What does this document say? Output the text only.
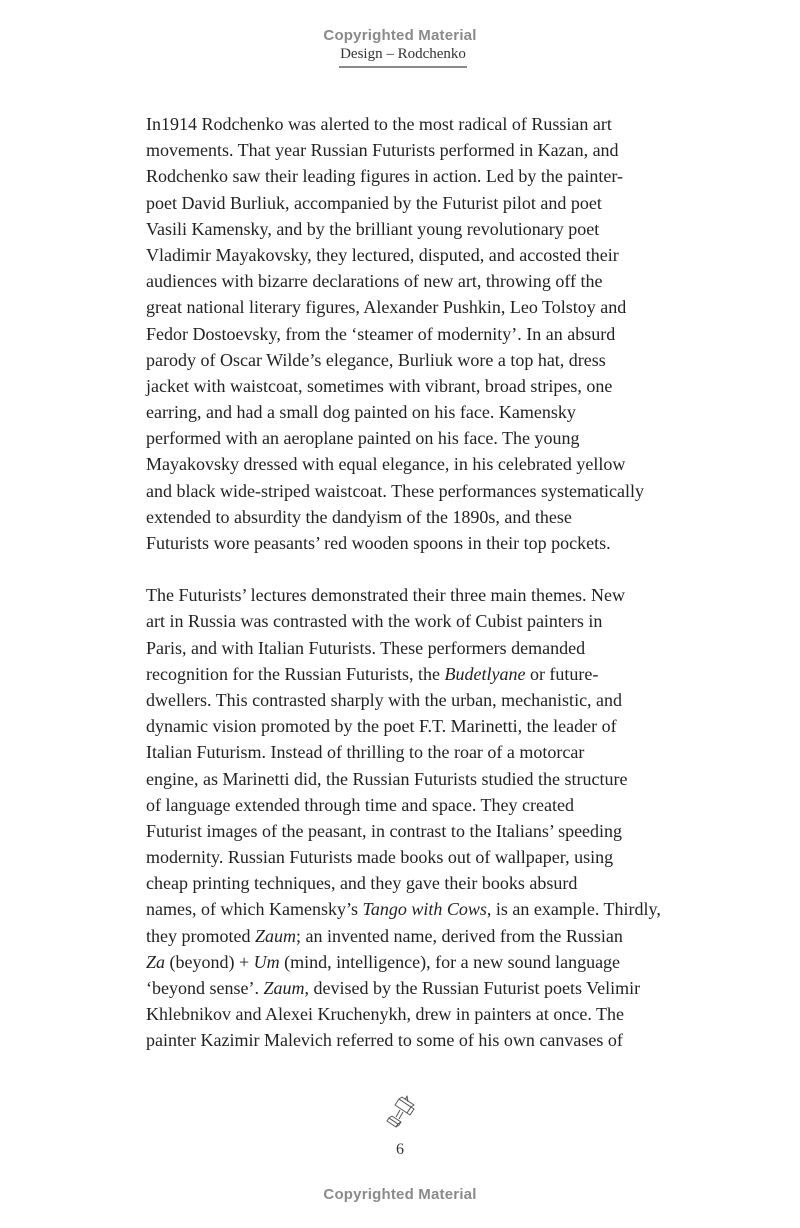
Copyrighted Material
Design – Rodchenko
In1914 Rodchenko was alerted to the most radical of Russian art
movements. That year Russian Futurists performed in Kazan, and
Rodchenko saw their leading figures in action. Led by the painter-
poet David Burliuk, accompanied by the Futurist pilot and poet
Vasili Kamensky, and by the brilliant young revolutionary poet
Vladimir Mayakovsky, they lectured, disputed, and accosted their
audiences with bizarre declarations of new art, throwing off the
great national literary figures, Alexander Pushkin, Leo Tolstoy and
Fedor Dostoevsky, from the ‘steamer of modernity’. In an absurd
parody of Oscar Wilde’s elegance, Burliuk wore a top hat, dress
jacket with waistcoat, sometimes with vibrant, broad stripes, one
earring, and had a small dog painted on his face. Kamensky
performed with an aeroplane painted on his face. The young
Mayakovsky dressed with equal elegance, in his celebrated yellow
and black wide-striped waistcoat. These performances systematically
extended to absurdity the dandyism of the 1890s, and these
Futurists wore peasants’ red wooden spoons in their top pockets.
The Futurists’ lectures demonstrated their three main themes. New
art in Russia was contrasted with the work of Cubist painters in
Paris, and with Italian Futurists. These performers demanded
recognition for the Russian Futurists, the Budetlyane or future-
dwellers. This contrasted sharply with the urban, mechanistic, and
dynamic vision promoted by the poet F.T. Marinetti, the leader of
Italian Futurism. Instead of thrilling to the roar of a motorcar
engine, as Marinetti did, the Russian Futurists studied the structure
of language extended through time and space. They created
Futurist images of the peasant, in contrast to the Italians’ speeding
modernity. Russian Futurists made books out of wallpaper, using
cheap printing techniques, and they gave their books absurd
names, of which Kamensky’s Tango with Cows, is an example. Thirdly,
they promoted Zaum; an invented name, derived from the Russian
Za (beyond) + Um (mind, intelligence), for a new sound language
‘beyond sense’. Zaum, devised by the Russian Futurist poets Velimir
Khlebnikov and Alexei Kruchenykh, drew in painters at once. The
painter Kazimir Malevich referred to some of his own canvases of
6
Copyrighted Material
